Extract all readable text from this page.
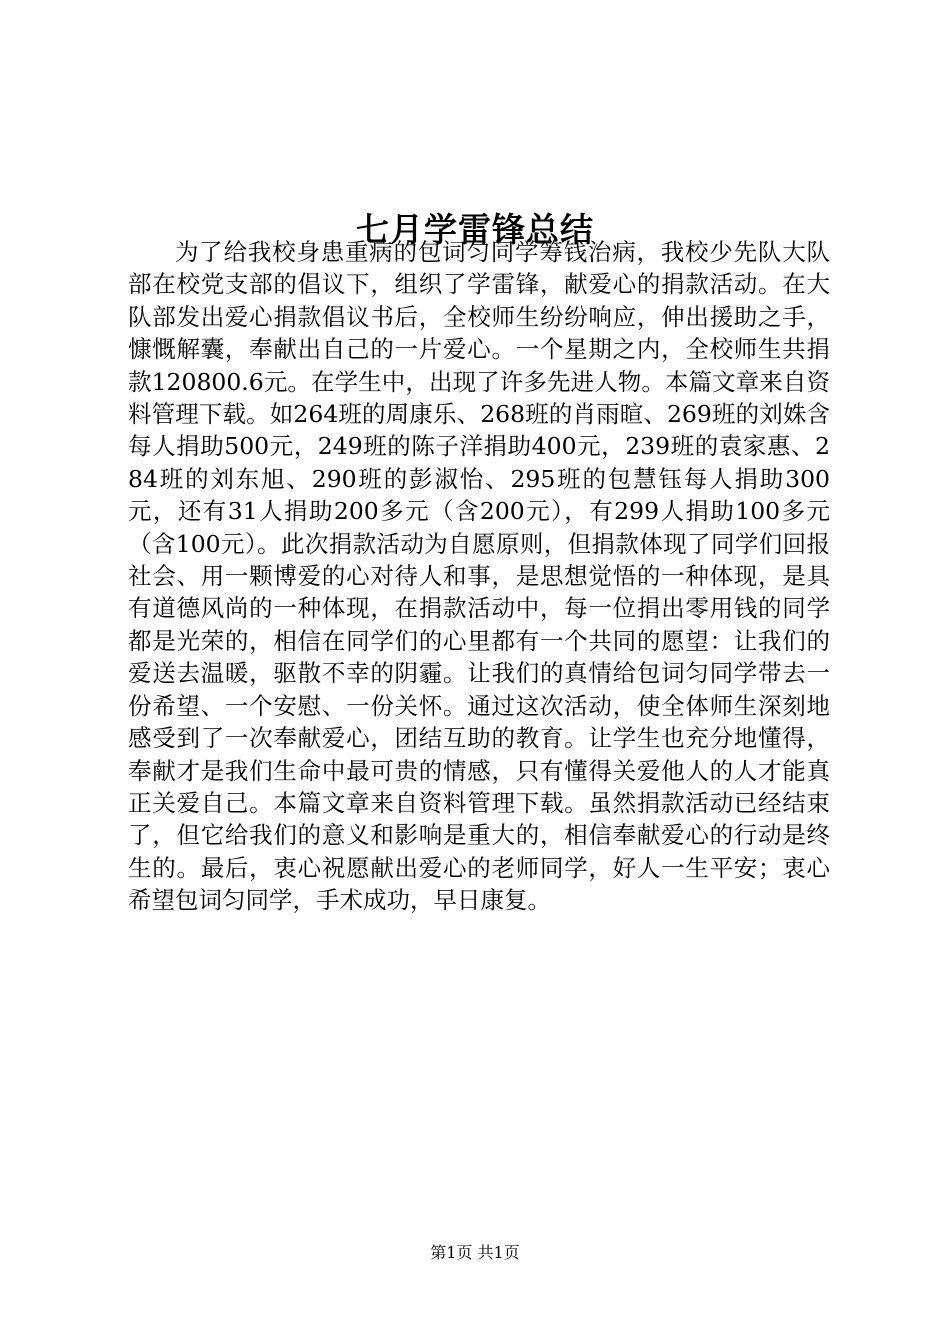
七月学雷锋总结

为了给我校身患重病的包词匀同学筹钱治病，我校少先队大队部在校党支部的倡议下，组织了学雷锋，献爱心的捐款活动。在大队部发出爱心捐款倡议书后，全校师生纷纷响应，伸出援助之手，慷慨解囊，奉献出自己的一片爱心。一个星期之内，全校师生共捐款120800.6元。在学生中，出现了许多先进人物。本篇文章来自资料管理下载。如264班的周康乐、268班的肖雨暄、269班的刘姝含每人捐助500元，249班的陈子洋捐助400元，239班的袁家惠、284班的刘东旭、290班的彭淑怡、295班的包慧钰每人捐助300元，还有31人捐助200多元（含200元），有299人捐助100多元（含100元）。此次捐款活动为自愿原则，但捐款体现了同学们回报社会、用一颗博爱的心对待人和事，是思想觉悟的一种体现，是具有道德风尚的一种体现，在捐款活动中，每一位捐出零用钱的同学都是光荣的，相信在同学们的心里都有一个共同的愿望：让我们的爱送去温暖，驱散不幸的阴霾。让我们的真情给包词匀同学带去一份希望、一个安慰、一份关怀。通过这次活动，使全体师生深刻地感受到了一次奉献爱心，团结互助的教育。让学生也充分地懂得，奉献才是我们生命中最可贵的情感，只有懂得关爱他人的人才能真正关爱自己。本篇文章来自资料管理下载。虽然捐款活动已经结束了，但它给我们的意义和影响是重大的，相信奉献爱心的行动是终生的。最后，衷心祝愿献出爱心的老师同学，好人一生平安；衷心希望包词匀同学，手术成功，早日康复。

第1页 共1页
